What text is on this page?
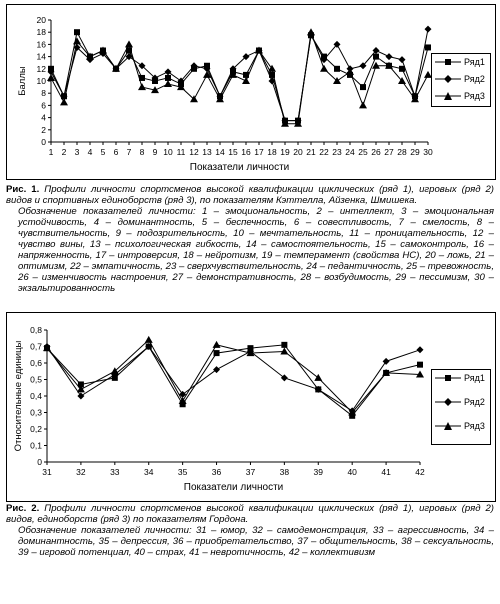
0
2
4
6
8
10
12
14
16
18
20
1 2 3 4 5 6 7 8 9 10 11 12 13 14 15 16 17 18 19 20 21 22 23 24 25 26 27 28 29 30
Показатели личности
Баллы
Ряд1
Ряд2
Ряд3
Рис. 1. Профили личности спортсменов высокой квалификации циклических (ряд 1), игровых (ряд 2) видов и спортивных единоборств (ряд 3), по показателям Кэттелла, Айзенка, Шмишека.
Обозначение показателей личности: 1 – эмоциональность, 2 – интеллект, 3 – эмоциональная устойчивость, 4 – доминантность, 5 – беспечность, 6 – совестливость, 7 – смелость, 8 – чувствительность, 9 – подозрительность, 10 – мечтательность, 11 – проницательность, 12 – чувство вины, 13 – психологическая гибкость, 14 – самостоятельность, 15 – самоконтроль, 16 – напряженность, 17 – интроверсия, 18 – нейротизм, 19 – темперамент (свойства НС), 20 – ложь, 21 – оптимизм, 22 – эмпатичность, 23 – сверхчувствительность, 24 – педантичность, 25 – тревожность, 26 – изменчивость настроения, 27 – демонстративность, 28 – возбудимость, 29 – пессимизм, 30 – экзальтированность
0
0,1
0,2
0,3
0,4
0,5
0,6
0,7
0,8
31	32	33	34	35	36	37	38	39	40	41	42
Показатели личности
Относительные единицы	Ряд1
Ряд2
Ряд3
Рис. 2. Профили личности спортсменов высокой квалификации циклических (ряд 1), игровых (ряд 2) видов, единоборств (ряд 3) по показателям Гордона.
Обозначение показателей личности: 31 – юмор, 32 – самодемонстрация, 33 – агрессивность, 34 – доминантность, 35 – депрессия, 36 – приобретательство, 37 – общительность, 38 – сексуальность, 39 – игровой потенциал, 40 – страх, 41 – невротичность, 42 – коллективизм
